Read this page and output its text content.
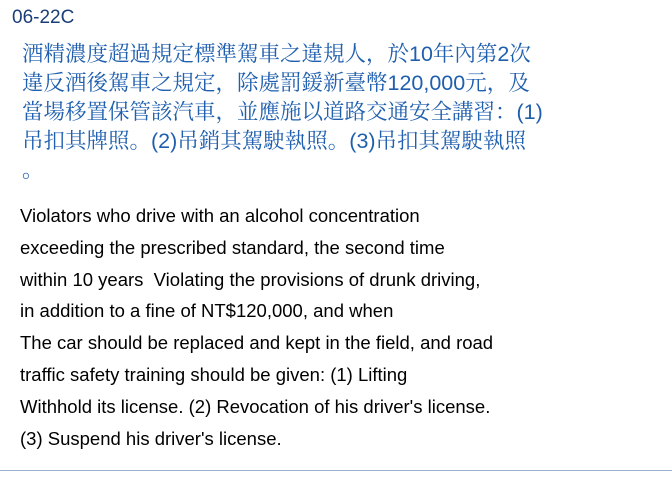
06-22C

酒精濃度超過規定標準駕車之違規人，於10年內第2次

違反酒後駕車之規定，除處罰鍰新臺幣120,000元，及

當場移置保管該汽車，並應施以道路交通安全講習：(1)

吊扣其牌照。(2)吊銷其駕駛執照。(3)吊扣其駕駛執照

。

Violators who drive with an alcohol concentration

exceeding the prescribed standard, the second time

within 10 years  Violating the provisions of drunk driving,

in addition to a fine of NT$120,000, and when

The car should be replaced and kept in the field, and road

traffic safety training should be given: (1) Lifting

Withhold its license. (2) Revocation of his driver's license.

(3) Suspend his driver's license.
